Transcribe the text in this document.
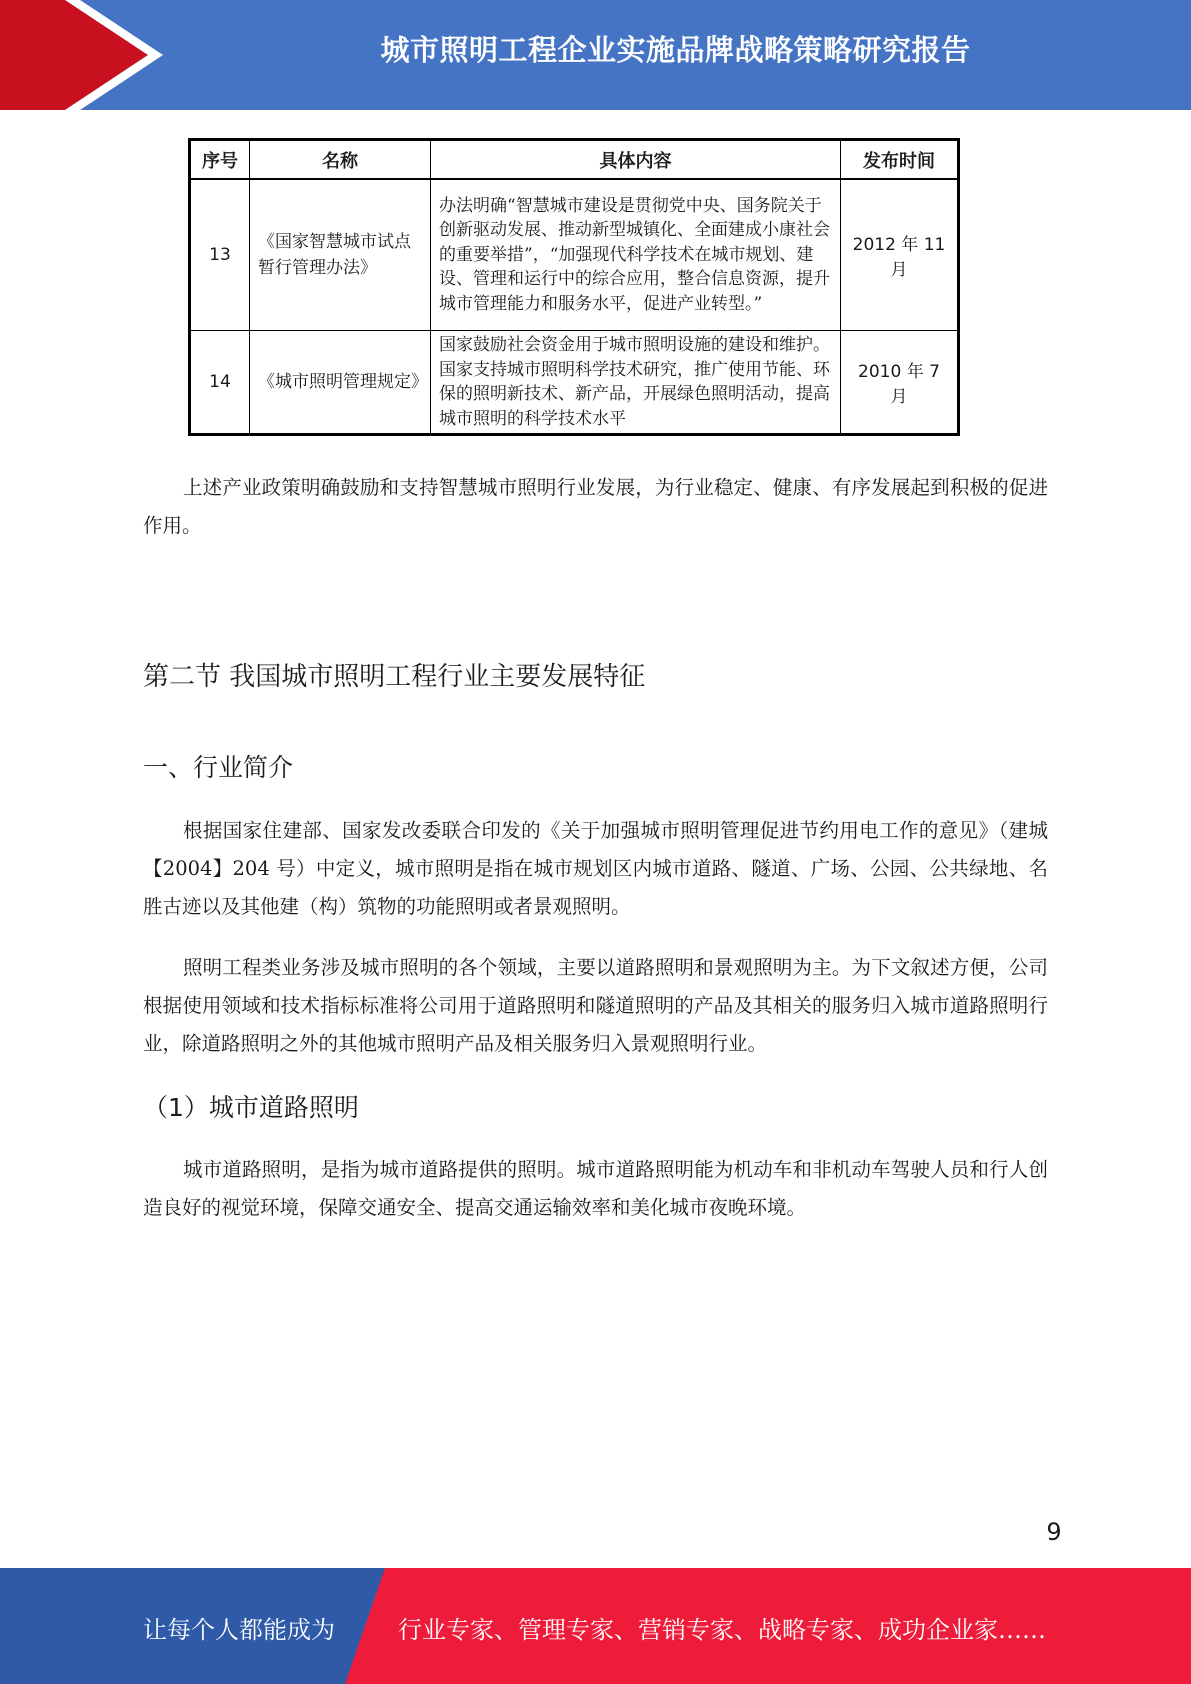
城市照明工程企业实施品牌战略策略研究报告
序号	名称	具体内容	发布时间
13	《国家智慧城市试点暂行管理办法》	办法明确“智慧城市建设是贯彻党中央、国务院关于创新驱动发展、推动新型城镇化、全面建成小康社会的重要举措”，“加强现代科学技术在城市规划、建设、管理和运行中的综合应用，整合信息资源，提升城市管理能力和服务水平，促进产业转型。”	2012 年 11 月
14	《城市照明管理规定》	国家鼓励社会资金用于城市照明设施的建设和维护。国家支持城市照明科学技术研究，推广使用节能、环保的照明新技术、新产品，开展绿色照明活动，提高城市照明的科学技术水平	2010 年 7 月

上述产业政策明确鼓励和支持智慧城市照明行业发展，为行业稳定、健康、有序发展起到积极的促进作用。

第二节 我国城市照明工程行业主要发展特征
一、行业简介

根据国家住建部、国家发改委联合印发的《关于加强城市照明管理促进节约用电工作的意见》（建城【2004】204 号）中定义，城市照明是指在城市规划区内城市道路、隧道、广场、公园、公共绿地、名胜古迹以及其他建（构）筑物的功能照明或者景观照明。

照明工程类业务涉及城市照明的各个领域，主要以道路照明和景观照明为主。为下文叙述方便，公司根据使用领域和技术指标标准将公司用于道路照明和隧道照明的产品及其相关的服务归入城市道路照明行业，除道路照明之外的其他城市照明产品及相关服务归入景观照明行业。

（1）城市道路照明

城市道路照明，是指为城市道路提供的照明。城市道路照明能为机动车和非机动车驾驶人员和行人创造良好的视觉环境，保障交通安全、提高交通运输效率和美化城市夜晚环境。

9
让每个人都能成为	行业专家、管理专家、营销专家、战略专家、成功企业家……
